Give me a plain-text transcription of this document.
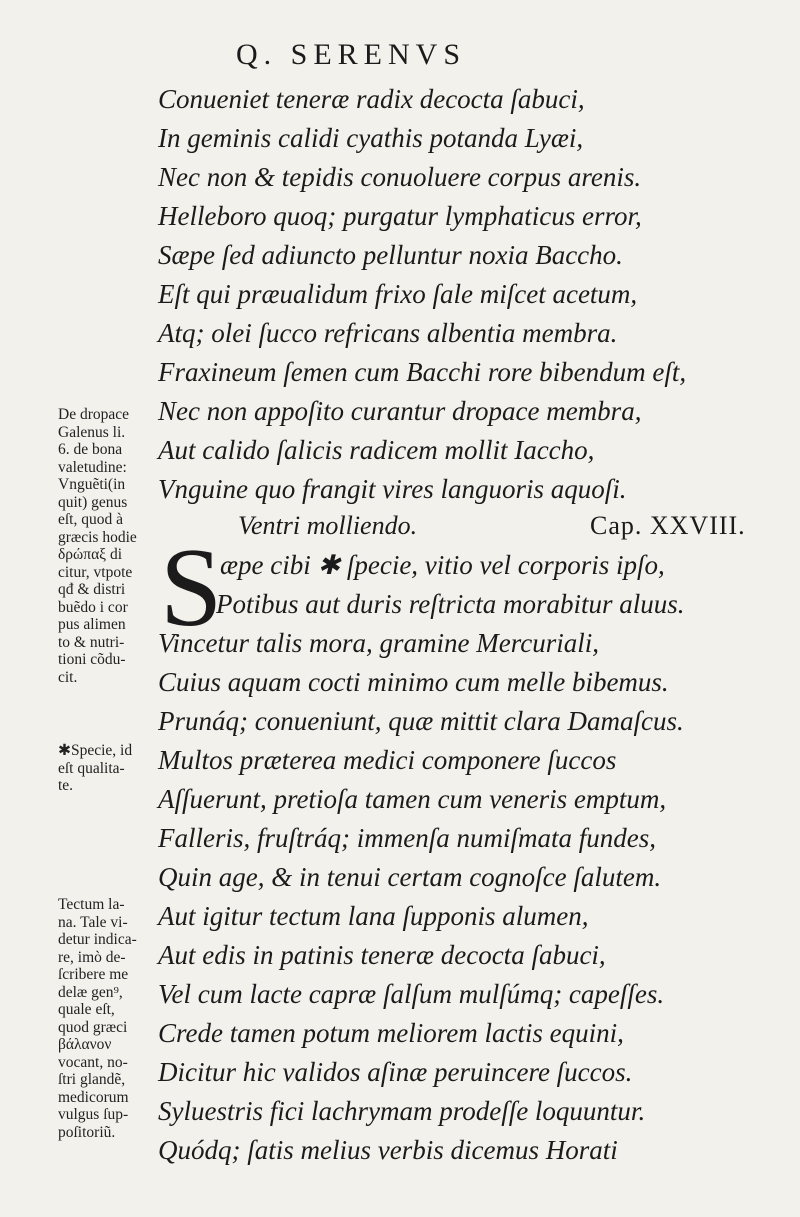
Q. SERENVS
Conueniet teneræ radix decocta ſabuci,
In geminis calidi cyathis potanda Lyæi,
Nec non & tepidis conuoluere corpus arenis.
Helleboro quoq; purgatur lymphaticus error,
Sæpe ſed adiuncto pelluntur noxia Baccho.
Eſt qui præualidum frixo ſale miſcet acetum,
Atq; olei ſucco refricans albentia membra.
Fraxineum ſemen cum Bacchi rore bibendum eſt,
Nec non appoſito curantur dropace membra,
Aut calido ſalicis radicem mollit Iaccho,
Vnguine quo frangit vires languoris aquoſi.
Ventri molliendo.	Cap. XXVIII.
S
æpe cibi ✱ ſpecie, vitio vel corporis ipſo,
Potibus aut duris reſtricta morabitur aluus.
Vincetur talis mora, gramine Mercuriali,
Cuius aquam cocti minimo cum melle bibemus.
Prunáq; conueniunt, quæ mittit clara Damaſcus.
Multos præterea medici componere ſuccos
Aſſuerunt, pretioſa tamen cum veneris emptum,
Falleris, fruſtráq; immenſa numiſmata fundes,
Quin age, & in tenui certam cognoſce ſalutem.
Aut igitur tectum lana ſupponis alumen,
Aut edis in patinis teneræ decocta ſabuci,
Vel cum lacte capræ ſalſum mulſúmq; capeſſes.
Crede tamen potum meliorem lactis equini,
Dicitur hic validos aſinæ peruincere ſuccos.
Syluestris fici lachrymam prodeſſe loquuntur.
Quódq; ſatis melius verbis dicemus Horati
De dropace
Galenus li.
6. de bona
valetudine:
Vnguẽti(in
quit) genus
eſt, quod à
græcis hodie
δρώπαξ di
citur, vtpote
qđ & distri
buẽdo i cor
pus alimen
to & nutri-
tioni cõdu-
cit.
✱Specie, id
eſt qualita-
te.
Tectum la-
na. Tale vi-
detur indica-
re, imò de-
ſcribere me
delæ gen⁹,
quale eſt,
quod græci
βάλανον
vocant, no-
ſtri glandẽ,
medicorum
vulgus ſup-
poſitoriũ.
